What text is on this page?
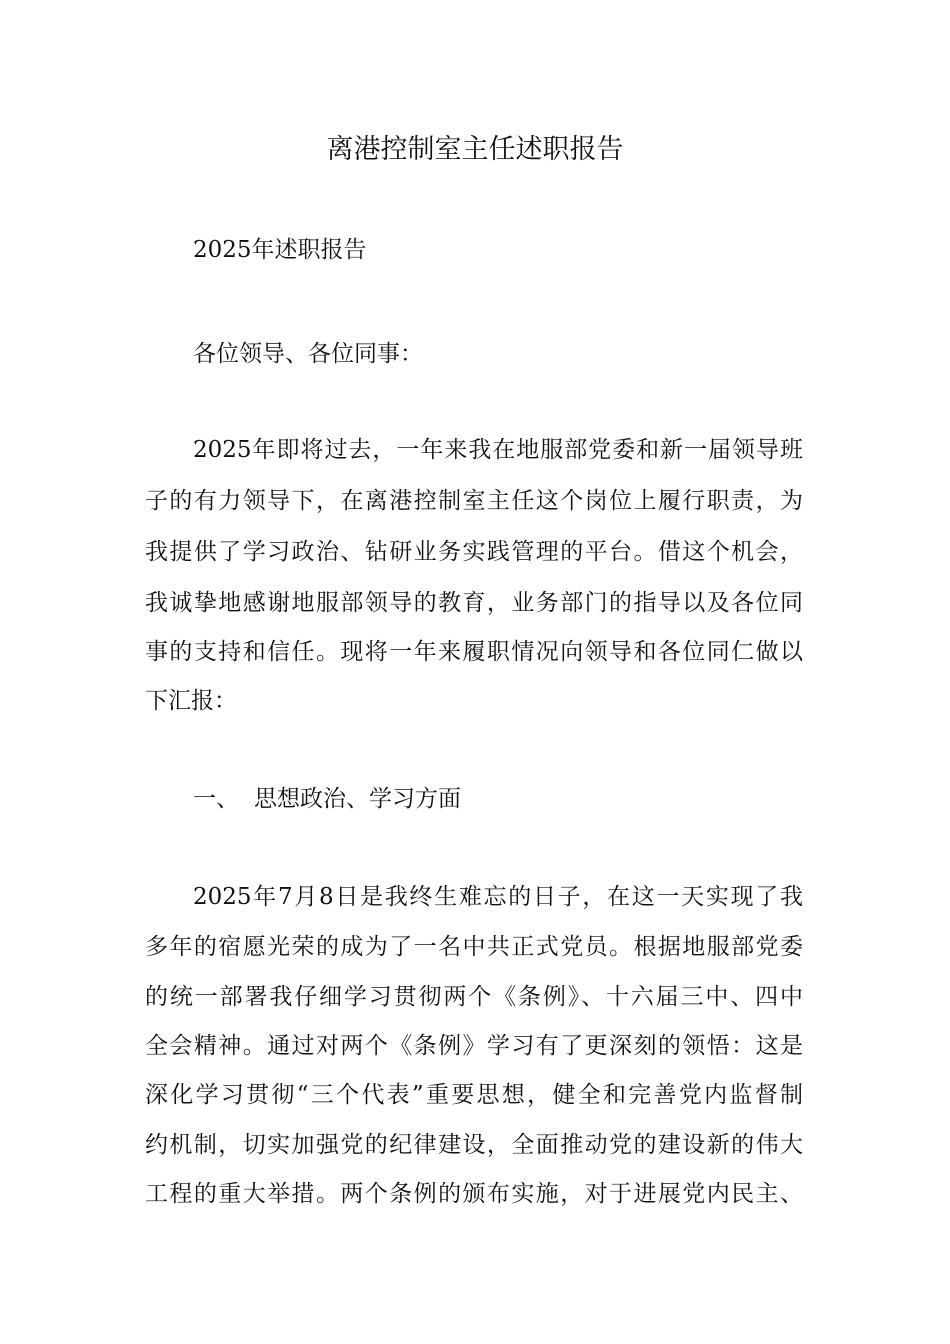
离港控制室主任述职报告
2025年述职报告
各位领导、各位同事：
2025年即将过去，一年来我在地服部党委和新一届领导班
子的有力领导下，在离港控制室主任这个岗位上履行职责，为
我提供了学习政治、钻研业务实践管理的平台。借这个机会，
我诚挚地感谢地服部领导的教育，业务部门的指导以及各位同
事的支持和信任。现将一年来履职情况向领导和各位同仁做以
下汇报：
一、 思想政治、学习方面
2025年7月8日是我终生难忘的日子，在这一天实现了我
多年的宿愿光荣的成为了一名中共正式党员。根据地服部党委
的统一部署我仔细学习贯彻两个《条例》、十六届三中、四中
全会精神。通过对两个《条例》学习有了更深刻的领悟：这是
深化学习贯彻“三个代表”重要思想，健全和完善党内监督制
约机制，切实加强党的纪律建设，全面推动党的建设新的伟大
工程的重大举措。两个条例的颁布实施，对于进展党内民主、
